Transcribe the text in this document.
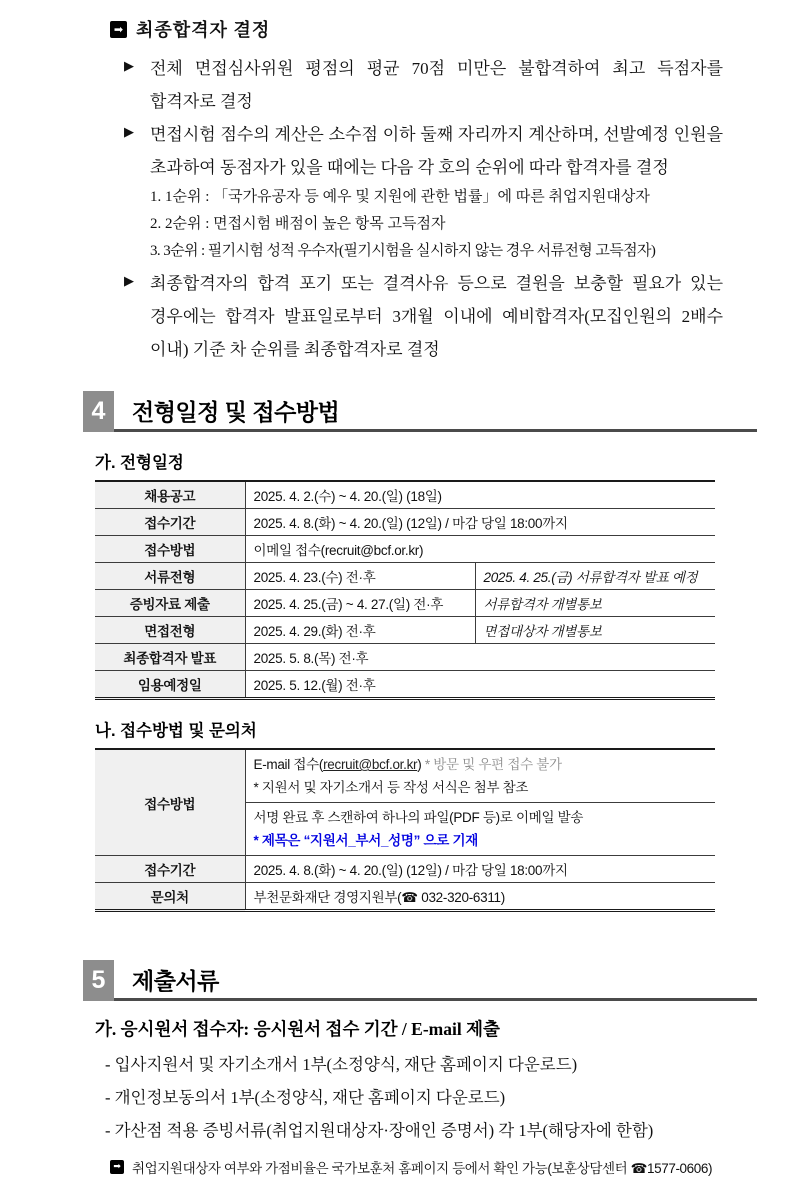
➡ 최종합격자 결정
▶ 전체 면접심사위원 평점의 평균 70점 미만은 불합격하여 최고 득점자를 합격자로 결정
▶ 면접시험 점수의 계산은 소수점 이하 둘째 자리까지 계산하며, 선발예정 인원을 초과하여 동점자가 있을 때에는 다음 각 호의 순위에 따라 합격자를 결정
1. 1순위 : 「국가유공자 등 예우 및 지원에 관한 법률」에 따른 취업지원대상자
2. 2순위 : 면접시험 배점이 높은 항목 고득점자
3. 3순위 : 필기시험 성적 우수자(필기시험을 실시하지 않는 경우 서류전형 고득점자)
▶ 최종합격자의 합격 포기 또는 결격사유 등으로 결원을 보충할 필요가 있는 경우에는 합격자 발표일로부터 3개월 이내에 예비합격자(모집인원의 2배수 이내) 기준 차 순위를 최종합격자로 결정
4	전형일정 및 접수방법
가. 전형일정
채용공고	2025. 4. 2.(수) ~ 4. 20.(일) (18일)	
접수기간	2025. 4. 8.(화) ~ 4. 20.(일) (12일) / 마감 당일 18:00까지	
접수방법	이메일 접수(recruit@bcf.or.kr)	
서류전형	2025. 4. 23.(수) 전·후	2025. 4. 25.(금) 서류합격자 발표 예정
증빙자료 제출	2025. 4. 25.(금) ~ 4. 27.(일) 전·후	서류합격자 개별통보
면접전형	2025. 4. 29.(화) 전·후	면접대상자 개별통보
최종합격자 발표	2025. 5. 8.(목) 전·후	
임용예정일	2025. 5. 12.(월) 전·후	
나. 접수방법 및 문의처
접수방법	E-mail 접수(recruit@bcf.or.kr) * 방문 및 우편 접수 불가
* 지원서 및 자기소개서 등 작성 서식은 첨부 참조

	서명 완료 후 스캔하여 하나의 파일(PDF 등)로 이메일 발송
* 제목은 “지원서_부서_성명” 으로 기재

접수기간	2025. 4. 8.(화) ~ 4. 20.(일) (12일) / 마감 당일 18:00까지
문의처	부천문화재단 경영지원부(☎ 032-320-6311)
5	제출서류
가. 응시원서 접수자: 응시원서 접수 기간 / E-mail 제출
- 입사지원서 및 자기소개서 1부(소정양식, 재단 홈페이지 다운로드)
- 개인정보동의서 1부(소정양식, 재단 홈페이지 다운로드)
- 가산점 적용 증빙서류(취업지원대상자·장애인 증명서) 각 1부(해당자에 한함)
➡ 취업지원대상자 여부와 가점비율은 국가보훈처 홈페이지 등에서 확인 가능(보훈상담센터 ☎1577-0606)
